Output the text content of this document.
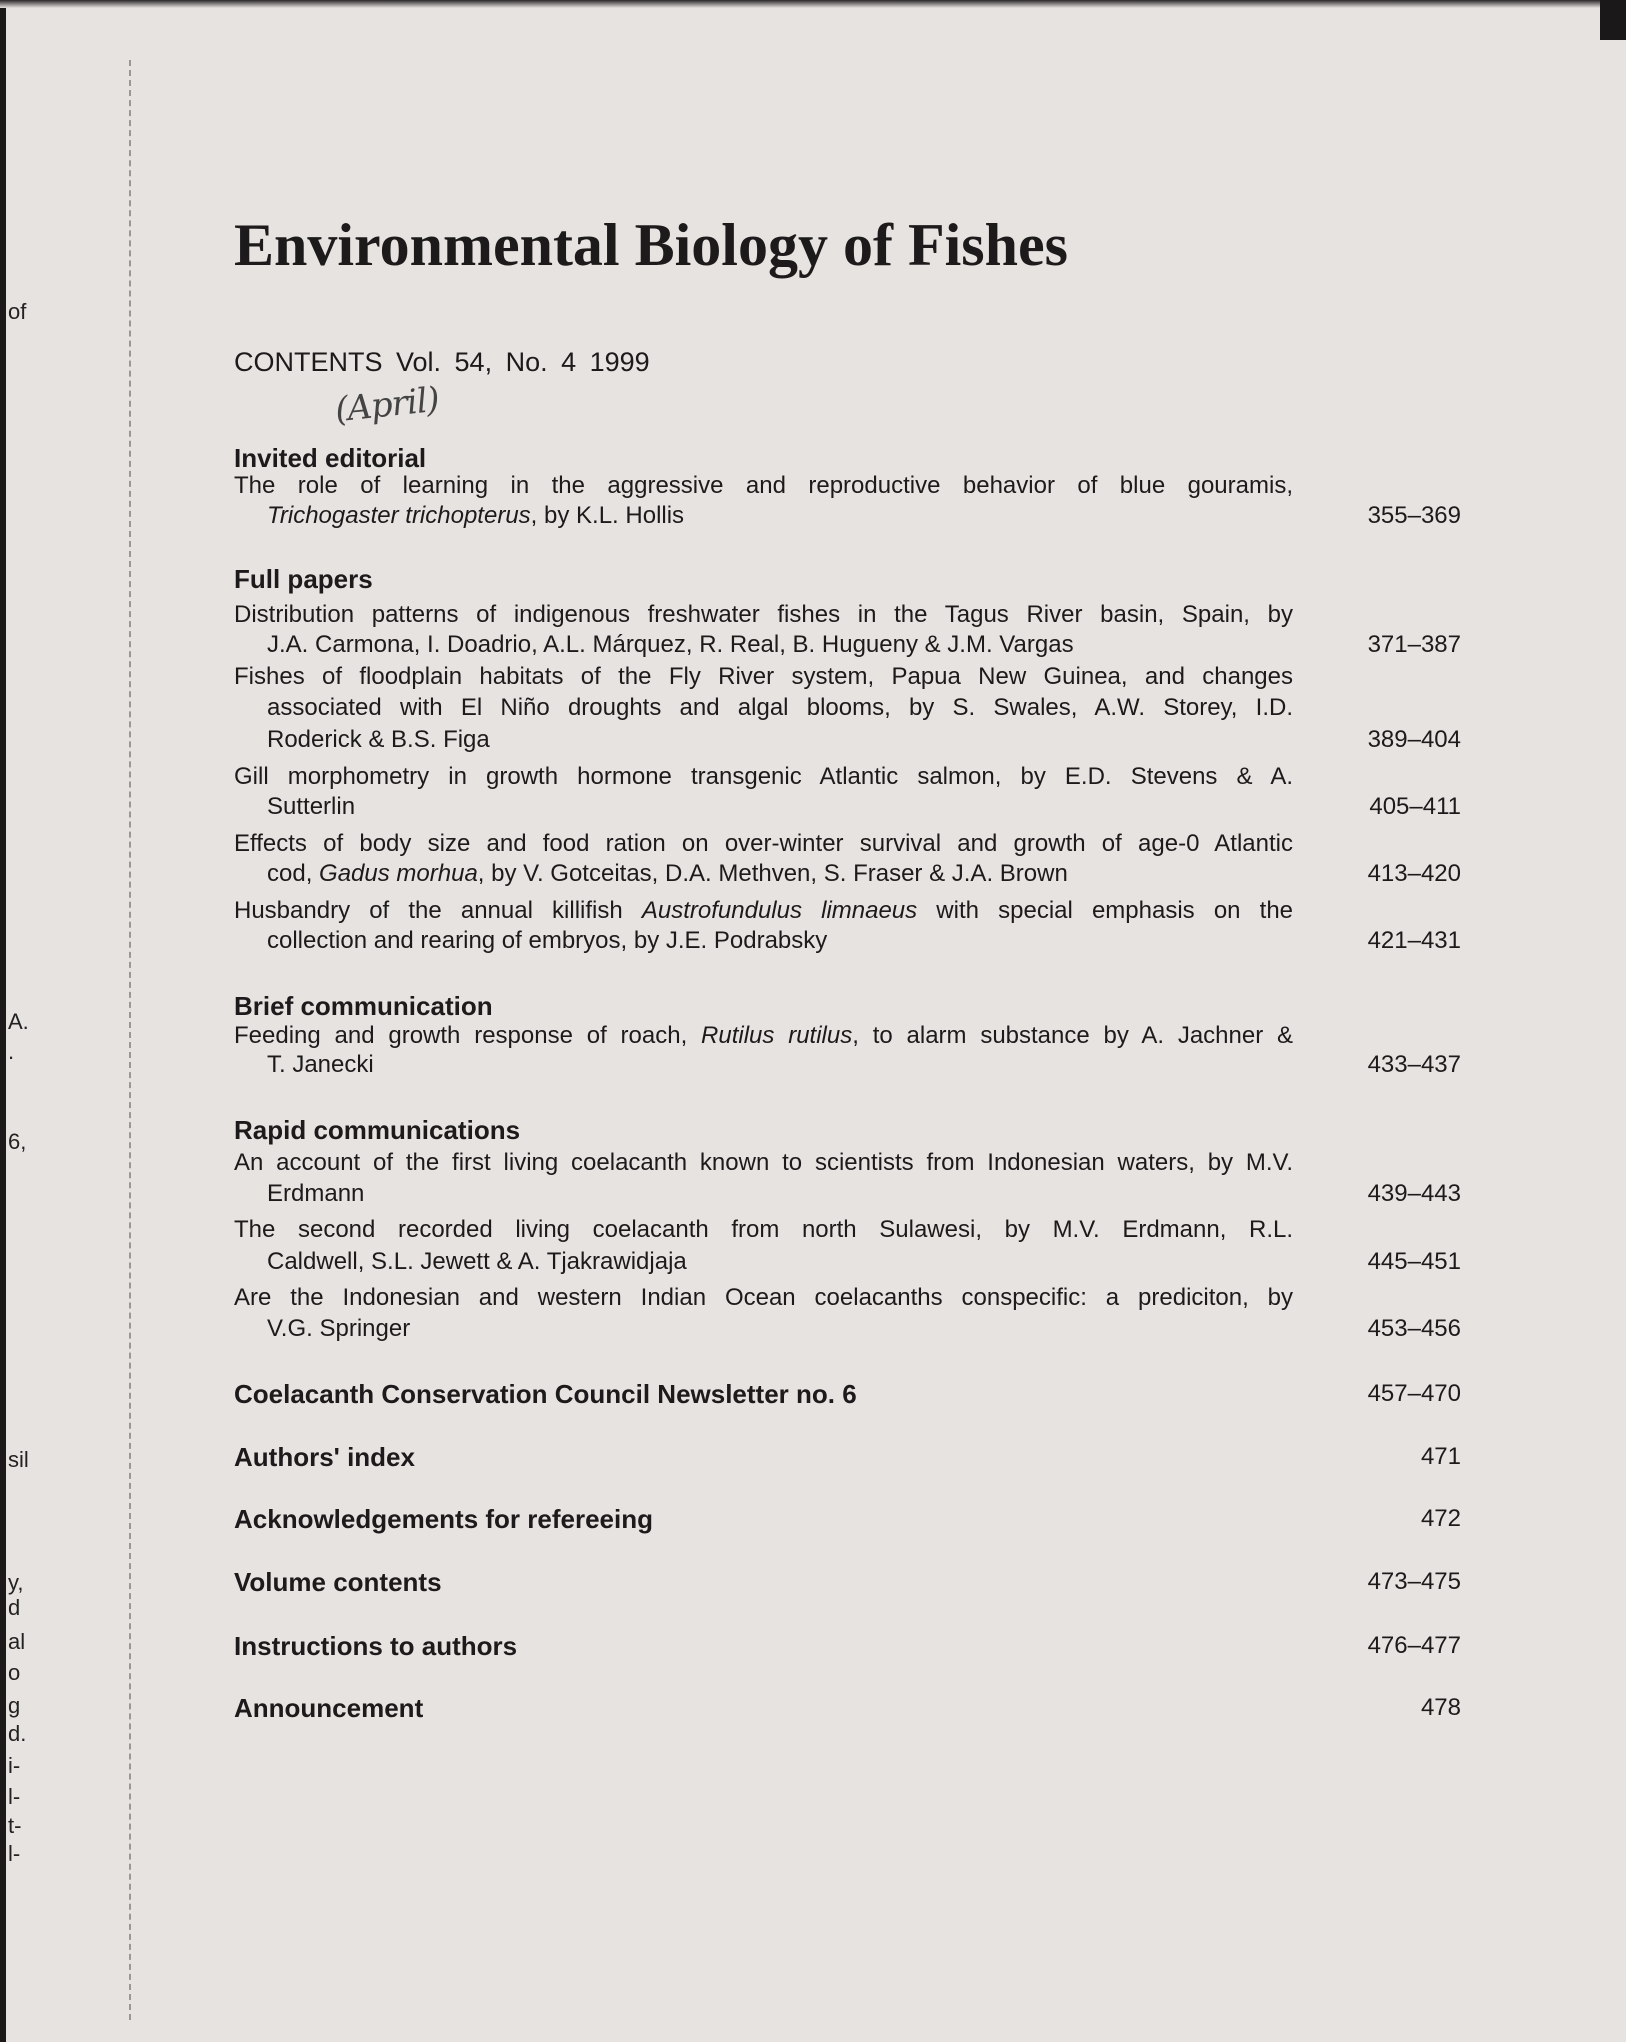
of
A.
.
6,
sil
y,
d
al
o
g
d.
i-
l-
t-
l-
Environmental Biology of Fishes
CONTENTS Vol. 54, No. 4 1999
(April)
Invited editorial
The role of learning in the aggressive and reproductive behavior of blue gouramis,
Trichogaster trichopterus, by K.L. Hollis	355–369
Full papers
Distribution patterns of indigenous freshwater fishes in the Tagus River basin, Spain, by
J.A. Carmona, I. Doadrio, A.L. Márquez, R. Real, B. Hugueny & J.M. Vargas	371–387
Fishes of floodplain habitats of the Fly River system, Papua New Guinea, and changes
associated with El Niño droughts and algal blooms, by S. Swales, A.W. Storey, I.D.
Roderick & B.S. Figa	389–404
Gill morphometry in growth hormone transgenic Atlantic salmon, by E.D. Stevens & A.
Sutterlin	405–411
Effects of body size and food ration on over-winter survival and growth of age-0 Atlantic
cod, Gadus morhua, by V. Gotceitas, D.A. Methven, S. Fraser & J.A. Brown	413–420
Husbandry of the annual killifish Austrofundulus limnaeus with special emphasis on the
collection and rearing of embryos, by J.E. Podrabsky	421–431
Brief communication
Feeding and growth response of roach, Rutilus rutilus, to alarm substance by A. Jachner &
T. Janecki	433–437
Rapid communications
An account of the first living coelacanth known to scientists from Indonesian waters, by M.V.
Erdmann	439–443
The second recorded living coelacanth from north Sulawesi, by M.V. Erdmann, R.L.
Caldwell, S.L. Jewett & A. Tjakrawidjaja	445–451
Are the Indonesian and western Indian Ocean coelacanths conspecific: a prediciton, by
V.G. Springer	453–456
Coelacanth Conservation Council Newsletter no. 6	457–470
Authors' index	471
Acknowledgements for refereeing	472
Volume contents	473–475
Instructions to authors	476–477
Announcement	478
